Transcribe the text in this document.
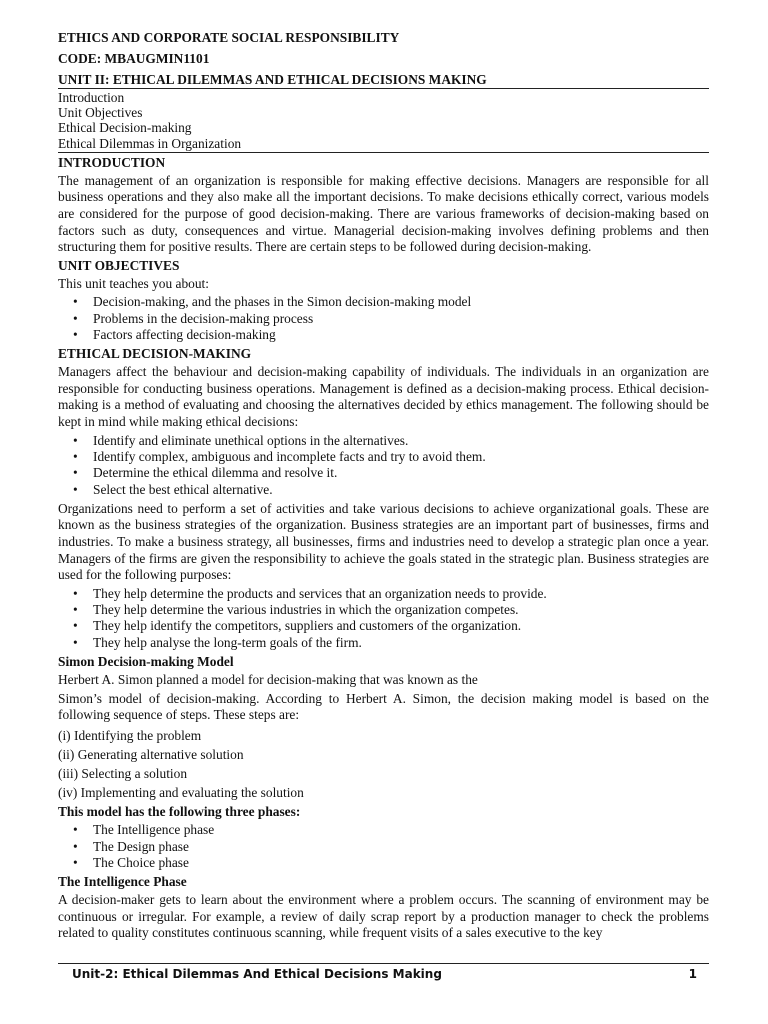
ETHICS AND CORPORATE SOCIAL RESPONSIBILITY
CODE: MBAUGMIN1101
UNIT II: ETHICAL DILEMMAS AND ETHICAL DECISIONS MAKING
Introduction
Unit Objectives
Ethical Decision-making
Ethical Dilemmas in Organization
INTRODUCTION

The management of an organization is responsible for making effective decisions. Managers are responsible for all business operations and they also make all the important decisions. To make decisions ethically correct, various models are considered for the purpose of good decision-making. There are various frameworks of decision-making based on factors such as duty, consequences and virtue. Managerial decision-making involves defining problems and then structuring them for positive results. There are certain steps to be followed during decision-making.

UNIT OBJECTIVES

This unit teaches you about:

• Decision-making, and the phases in the Simon decision-making model
• Problems in the decision-making process
• Factors affecting decision-making
ETHICAL DECISION-MAKING

Managers affect the behaviour and decision-making capability of individuals. The individuals in an organization are responsible for conducting business operations. Management is defined as a decision-making process. Ethical decision-making is a method of evaluating and choosing the alternatives decided by ethics management. The following should be kept in mind while making ethical decisions:

• Identify and eliminate unethical options in the alternatives.
• Identify complex, ambiguous and incomplete facts and try to avoid them.
• Determine the ethical dilemma and resolve it.
• Select the best ethical alternative.

Organizations need to perform a set of activities and take various decisions to achieve organizational goals. These are known as the business strategies of the organization. Business strategies are an important part of businesses, firms and industries. To make a business strategy, all businesses, firms and industries need to develop a strategic plan once a year. Managers of the firms are given the responsibility to achieve the goals stated in the strategic plan. Business strategies are used for the following purposes:

• They help determine the products and services that an organization needs to provide.
• They help determine the various industries in which the organization competes.
• They help identify the competitors, suppliers and customers of the organization.
• They help analyse the long-term goals of the firm.
Simon Decision-making Model

Herbert A. Simon planned a model for decision-making that was known as the

Simon’s model of decision-making. According to Herbert A. Simon, the decision making model is based on the following sequence of steps. These steps are:

(i) Identifying the problem
(ii) Generating alternative solution
(iii) Selecting a solution
(iv) Implementing and evaluating the solution
This model has the following three phases:
• The Intelligence phase
• The Design phase
• The Choice phase
The Intelligence Phase

A decision-maker gets to learn about the environment where a problem occurs. The scanning of environment may be continuous or irregular. For example, a review of daily scrap report by a production manager to check the problems related to quality constitutes continuous scanning, while frequent visits of a sales executive to the key

Unit-2: Ethical Dilemmas And Ethical Decisions Making	1
